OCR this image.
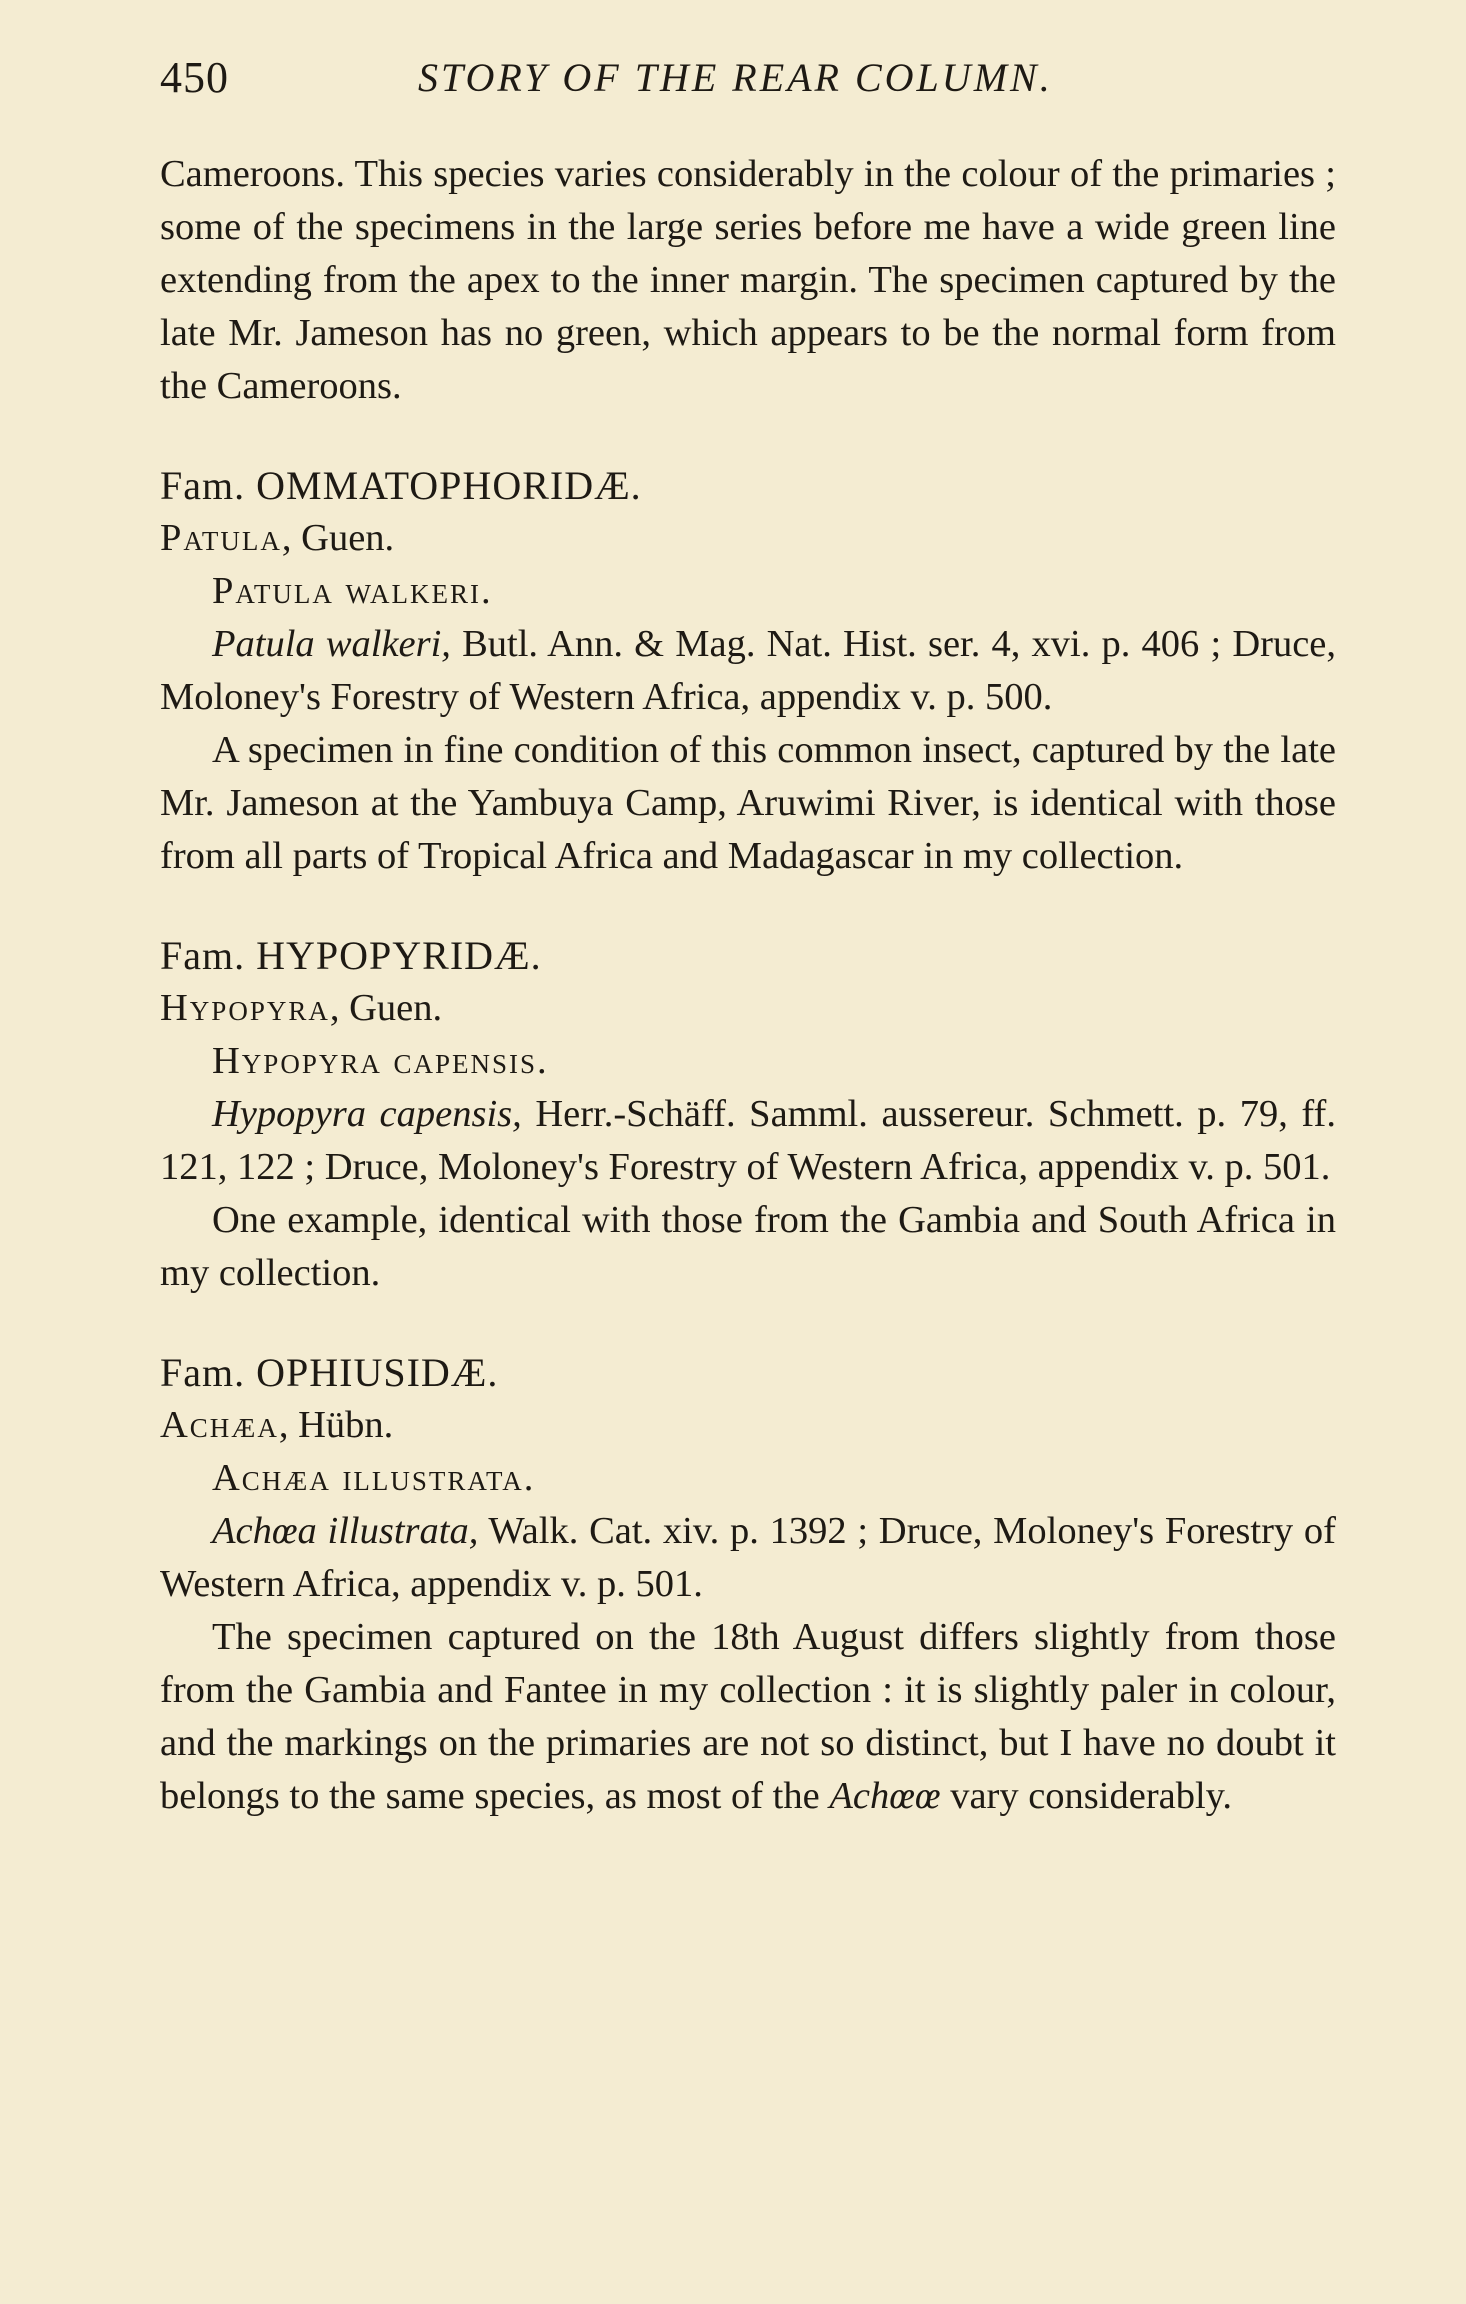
450	STORY OF THE REAR COLUMN.

Cameroons. This species varies considerably in the colour of the primaries ; some of the specimens in the large series before me have a wide green line extending from the apex to the inner margin. The specimen captured by the late Mr. Jameson has no green, which appears to be the normal form from the Cameroons.

Fam. OMMATOPHORIDÆ.

Patula, Guen.

Patula walkeri.

Patula walkeri, Butl. Ann. & Mag. Nat. Hist. ser. 4, xvi. p. 406 ; Druce, Moloney's Forestry of Western Africa, appendix v. p. 500.

A specimen in fine condition of this common insect, captured by the late Mr. Jameson at the Yambuya Camp, Aruwimi River, is identical with those from all parts of Tropical Africa and Madagascar in my collection.

Fam. HYPOPYRIDÆ.

Hypopyra, Guen.

Hypopyra capensis.

Hypopyra capensis, Herr.-Schäff. Samml. aussereur. Schmett. p. 79, ff. 121, 122 ; Druce, Moloney's Forestry of Western Africa, appendix v. p. 501.

One example, identical with those from the Gambia and South Africa in my collection.

Fam. OPHIUSIDÆ.

Achæa, Hübn.

Achæa illustrata.

Achœa illustrata, Walk. Cat. xiv. p. 1392 ; Druce, Moloney's Forestry of Western Africa, appendix v. p. 501.

The specimen captured on the 18th August differs slightly from those from the Gambia and Fantee in my collection : it is slightly paler in colour, and the markings on the primaries are not so distinct, but I have no doubt it belongs to the same species, as most of the Achœœ vary considerably.
